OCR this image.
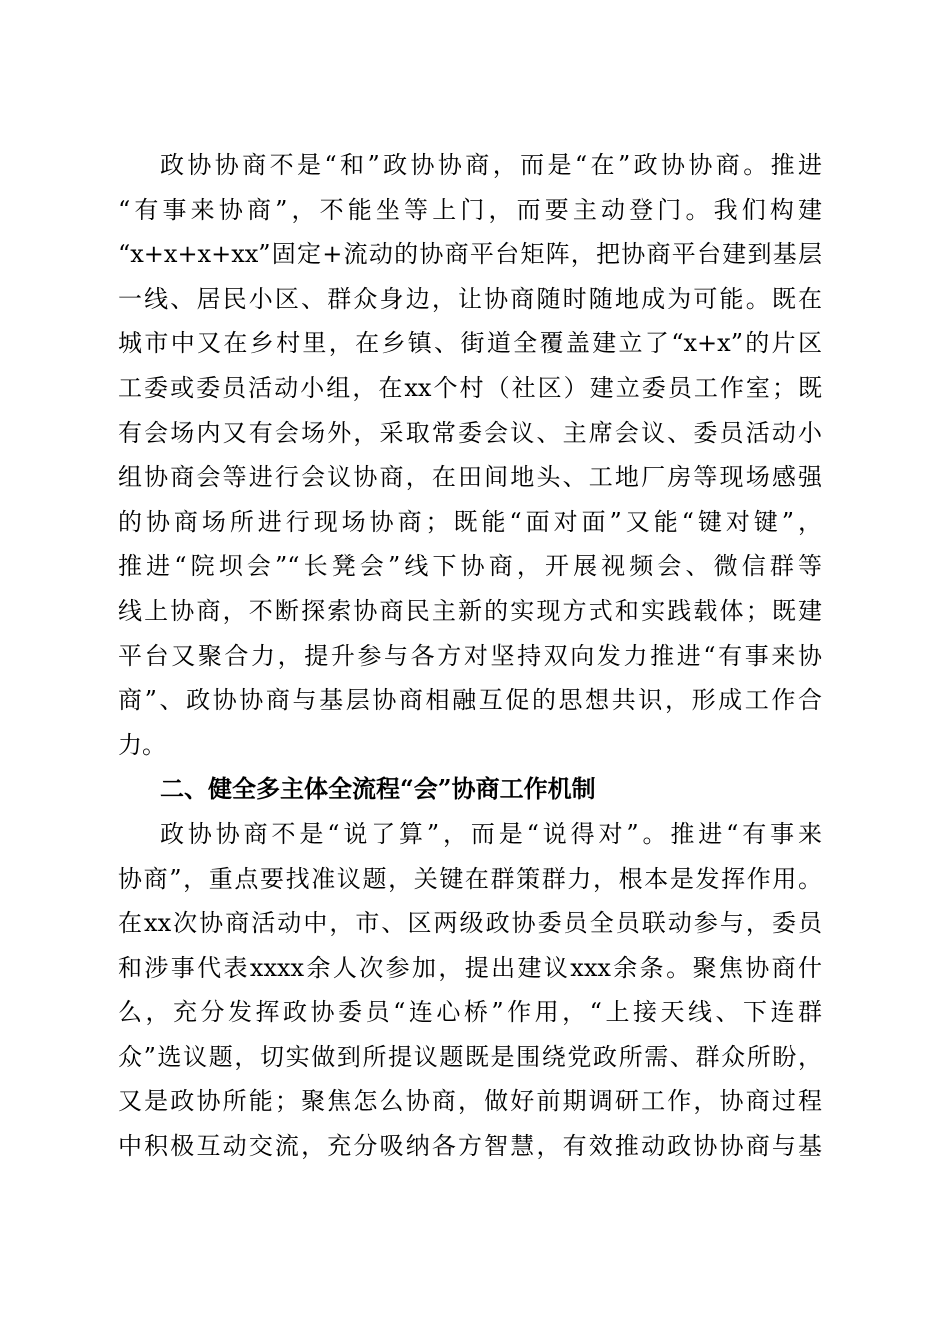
政协协商不是“和”政协协商，而是“在”政协协商。推进
“有事来协商”，不能坐等上门，而要主动登门。我们构建
“x+x+x+xx”固定+流动的协商平台矩阵，把协商平台建到基层
一线、居民小区、群众身边，让协商随时随地成为可能。既在
城市中又在乡村里，在乡镇、街道全覆盖建立了“x+x”的片区
工委或委员活动小组，在xx个村（社区）建立委员工作室；既
有会场内又有会场外，采取常委会议、主席会议、委员活动小
组协商会等进行会议协商，在田间地头、工地厂房等现场感强
的协商场所进行现场协商；既能“面对面”又能“键对键”，
推进“院坝会”“长凳会”线下协商，开展视频会、微信群等
线上协商，不断探索协商民主新的实现方式和实践载体；既建
平台又聚合力，提升参与各方对坚持双向发力推进“有事来协
商”、政协协商与基层协商相融互促的思想共识，形成工作合
力。
二、健全多主体全流程“会”协商工作机制
政协协商不是“说了算”，而是“说得对”。推进“有事来
协商”，重点要找准议题，关键在群策群力，根本是发挥作用。
在xx次协商活动中，市、区两级政协委员全员联动参与，委员
和涉事代表xxxx余人次参加，提出建议xxx余条。聚焦协商什
么，充分发挥政协委员“连心桥”作用，“上接天线、下连群
众”选议题，切实做到所提议题既是围绕党政所需、群众所盼，
又是政协所能；聚焦怎么协商，做好前期调研工作，协商过程
中积极互动交流，充分吸纳各方智慧，有效推动政协协商与基
